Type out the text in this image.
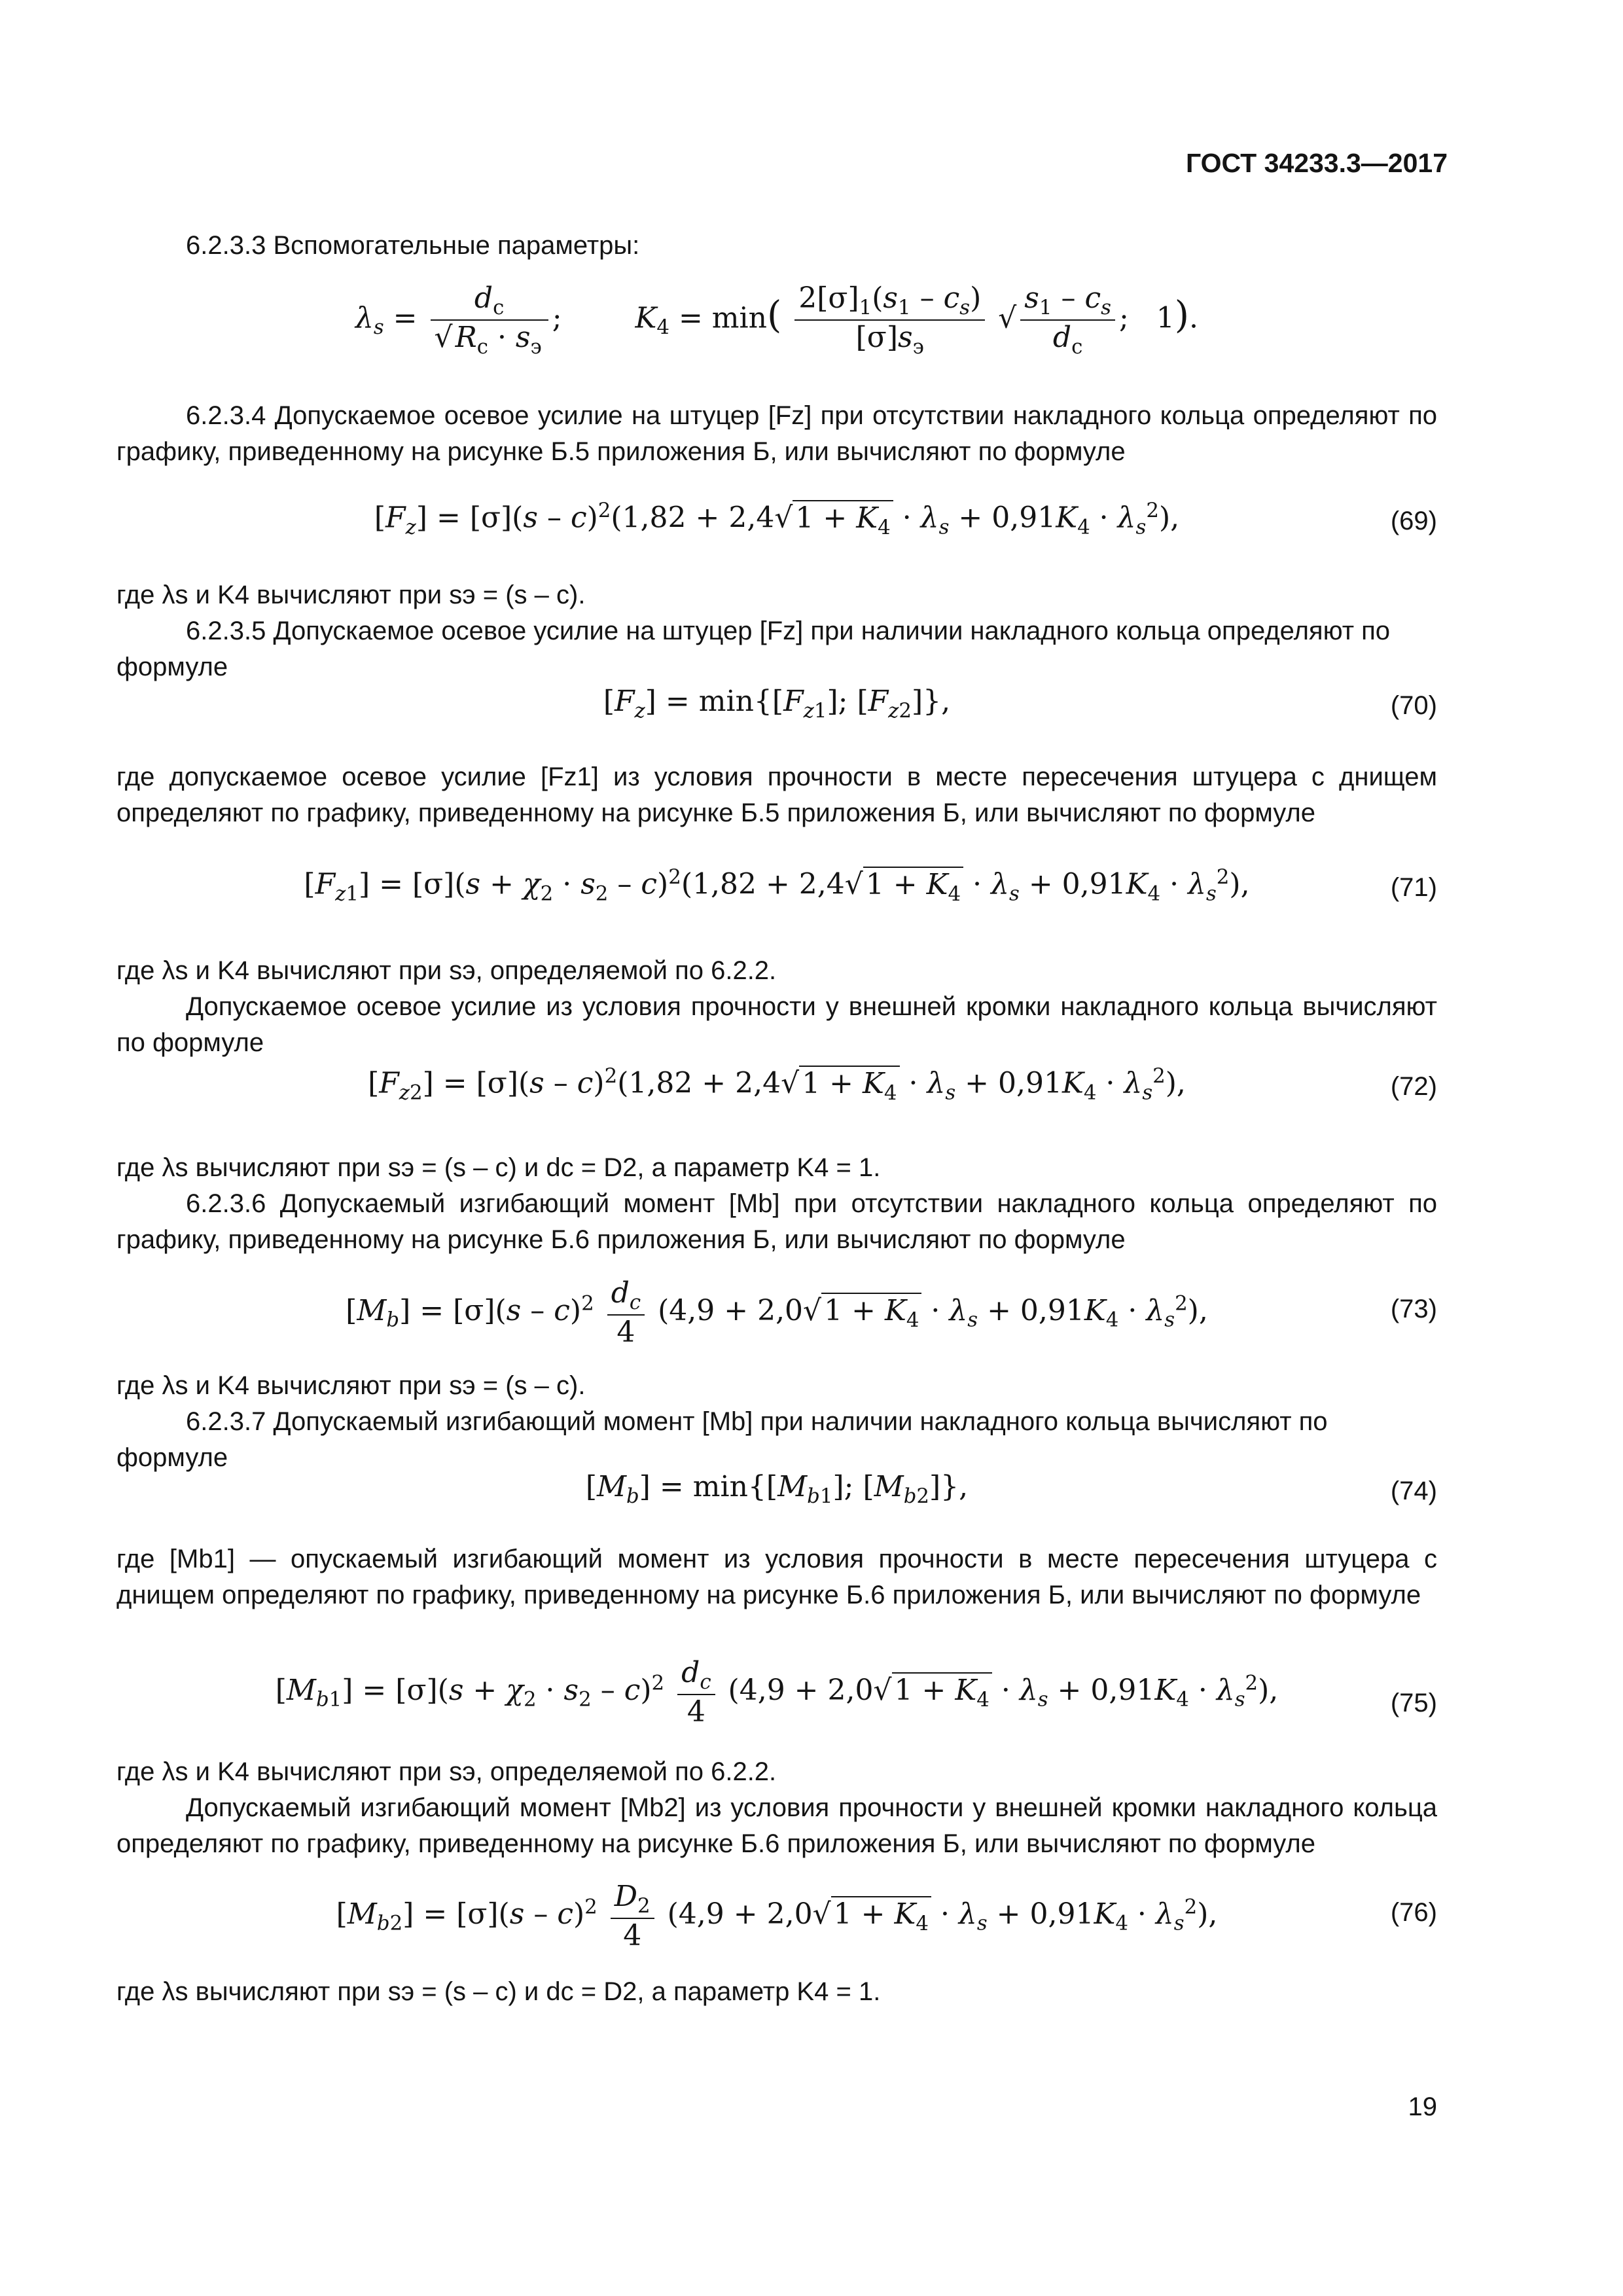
ГОСТ 34233.3—2017
6.2.3.3 Вспомогательные параметры:
$\lambda_s = \frac{d_c}{√R_c \cdot s_э}$ ;        $K_4 = \min( \frac{2[\sigma]_1(s_1 - c_s)}{[\sigma]s_э}$ √ $\frac{s_1 - c_s}{d_c}$ ;   1).

6.2.3.4 Допускаемое осевое усилие на штуцер [Fz] при отсутствии накладного кольца определяют по графику, приведенному на рисунке Б.5 приложения Б, или вычисляют по формуле

$[F_z] = [\sigma](s - c)^2(1,82 + 2,4√1 + K_4 \cdot \lambda_s + 0,91K_4 \cdot \lambda_s^2)$,	(69)
где λs и K4 вычисляют при sэ = (s – c).
6.2.3.5 Допускаемое осевое усилие на штуцер [Fz] при наличии накладного кольца определяют по
формуле
$[F_z] = \min\{[F_{z1}]$; $[F_{z2}]$},	(70)

где допускаемое осевое усилие [Fz1] из условия прочности в месте пересечения штуцера с днищем определяют по графику, приведенному на рисунке Б.5 приложения Б, или вычисляют по формуле

$[F_{z1}] = [\sigma](s + \chi_2 \cdot s_2 - c)^2(1,82 + 2,4√1 + K_4 \cdot \lambda_s + 0,91K_4 \cdot \lambda_s^2)$,	(71)
где λs и K4 вычисляют при sэ, определяемой по 6.2.2.

Допускаемое осевое усилие из условия прочности у внешней кромки накладного кольца вычисляют по формуле

$[F_{z2}] = [\sigma](s - c)^2(1,82 + 2,4√1 + K_4 \cdot \lambda_s + 0,91K_4 \cdot \lambda_s^2)$,	(72)
где λs вычисляют при sэ = (s – c) и dc = D2, а параметр K4 = 1.

6.2.3.6 Допускаемый изгибающий момент [Mb] при отсутствии накладного кольца определяют по графику, приведенному на рисунке Б.6 приложения Б, или вычисляют по формуле

$[M_b] = [\sigma](s - c)^2 \frac{d_c}{4} (4,9 + 2,0√1 + K_4 \cdot \lambda_s + 0,91K_4 \cdot \lambda_s^2)$,	(73)
где λs и K4 вычисляют при sэ = (s – c).
6.2.3.7 Допускаемый изгибающий момент [Mb] при наличии накладного кольца вычисляют по
формуле
$[M_b] = \min\{[M_{b1}]$; $[M_{b2}]$},	(74)

где [Mb1] — опускаемый изгибающий момент из условия прочности в месте пересечения штуцера с днищем определяют по графику, приведенному на рисунке Б.6 приложения Б, или вычисляют по формуле

$[M_{b1}] = [\sigma](s + \chi_2 \cdot s_2 - c)^2 \frac{d_c}{4} (4,9 + 2,0√1 + K_4 \cdot \lambda_s + 0,91K_4 \cdot \lambda_s^2)$,	(75)
где λs и K4 вычисляют при sэ, определяемой по 6.2.2.

Допускаемый изгибающий момент [Mb2] из условия прочности у внешней кромки накладного кольца определяют по графику, приведенному на рисунке Б.6 приложения Б, или вычисляют по формуле

$[M_{b2}] = [\sigma](s - c)^2 \frac{D_2}{4} (4,9 + 2,0√1 + K_4 \cdot \lambda_s + 0,91K_4 \cdot \lambda_s^2)$,	(76)
где λs вычисляют при sэ = (s – c) и dc = D2, а параметр K4 = 1.
19
